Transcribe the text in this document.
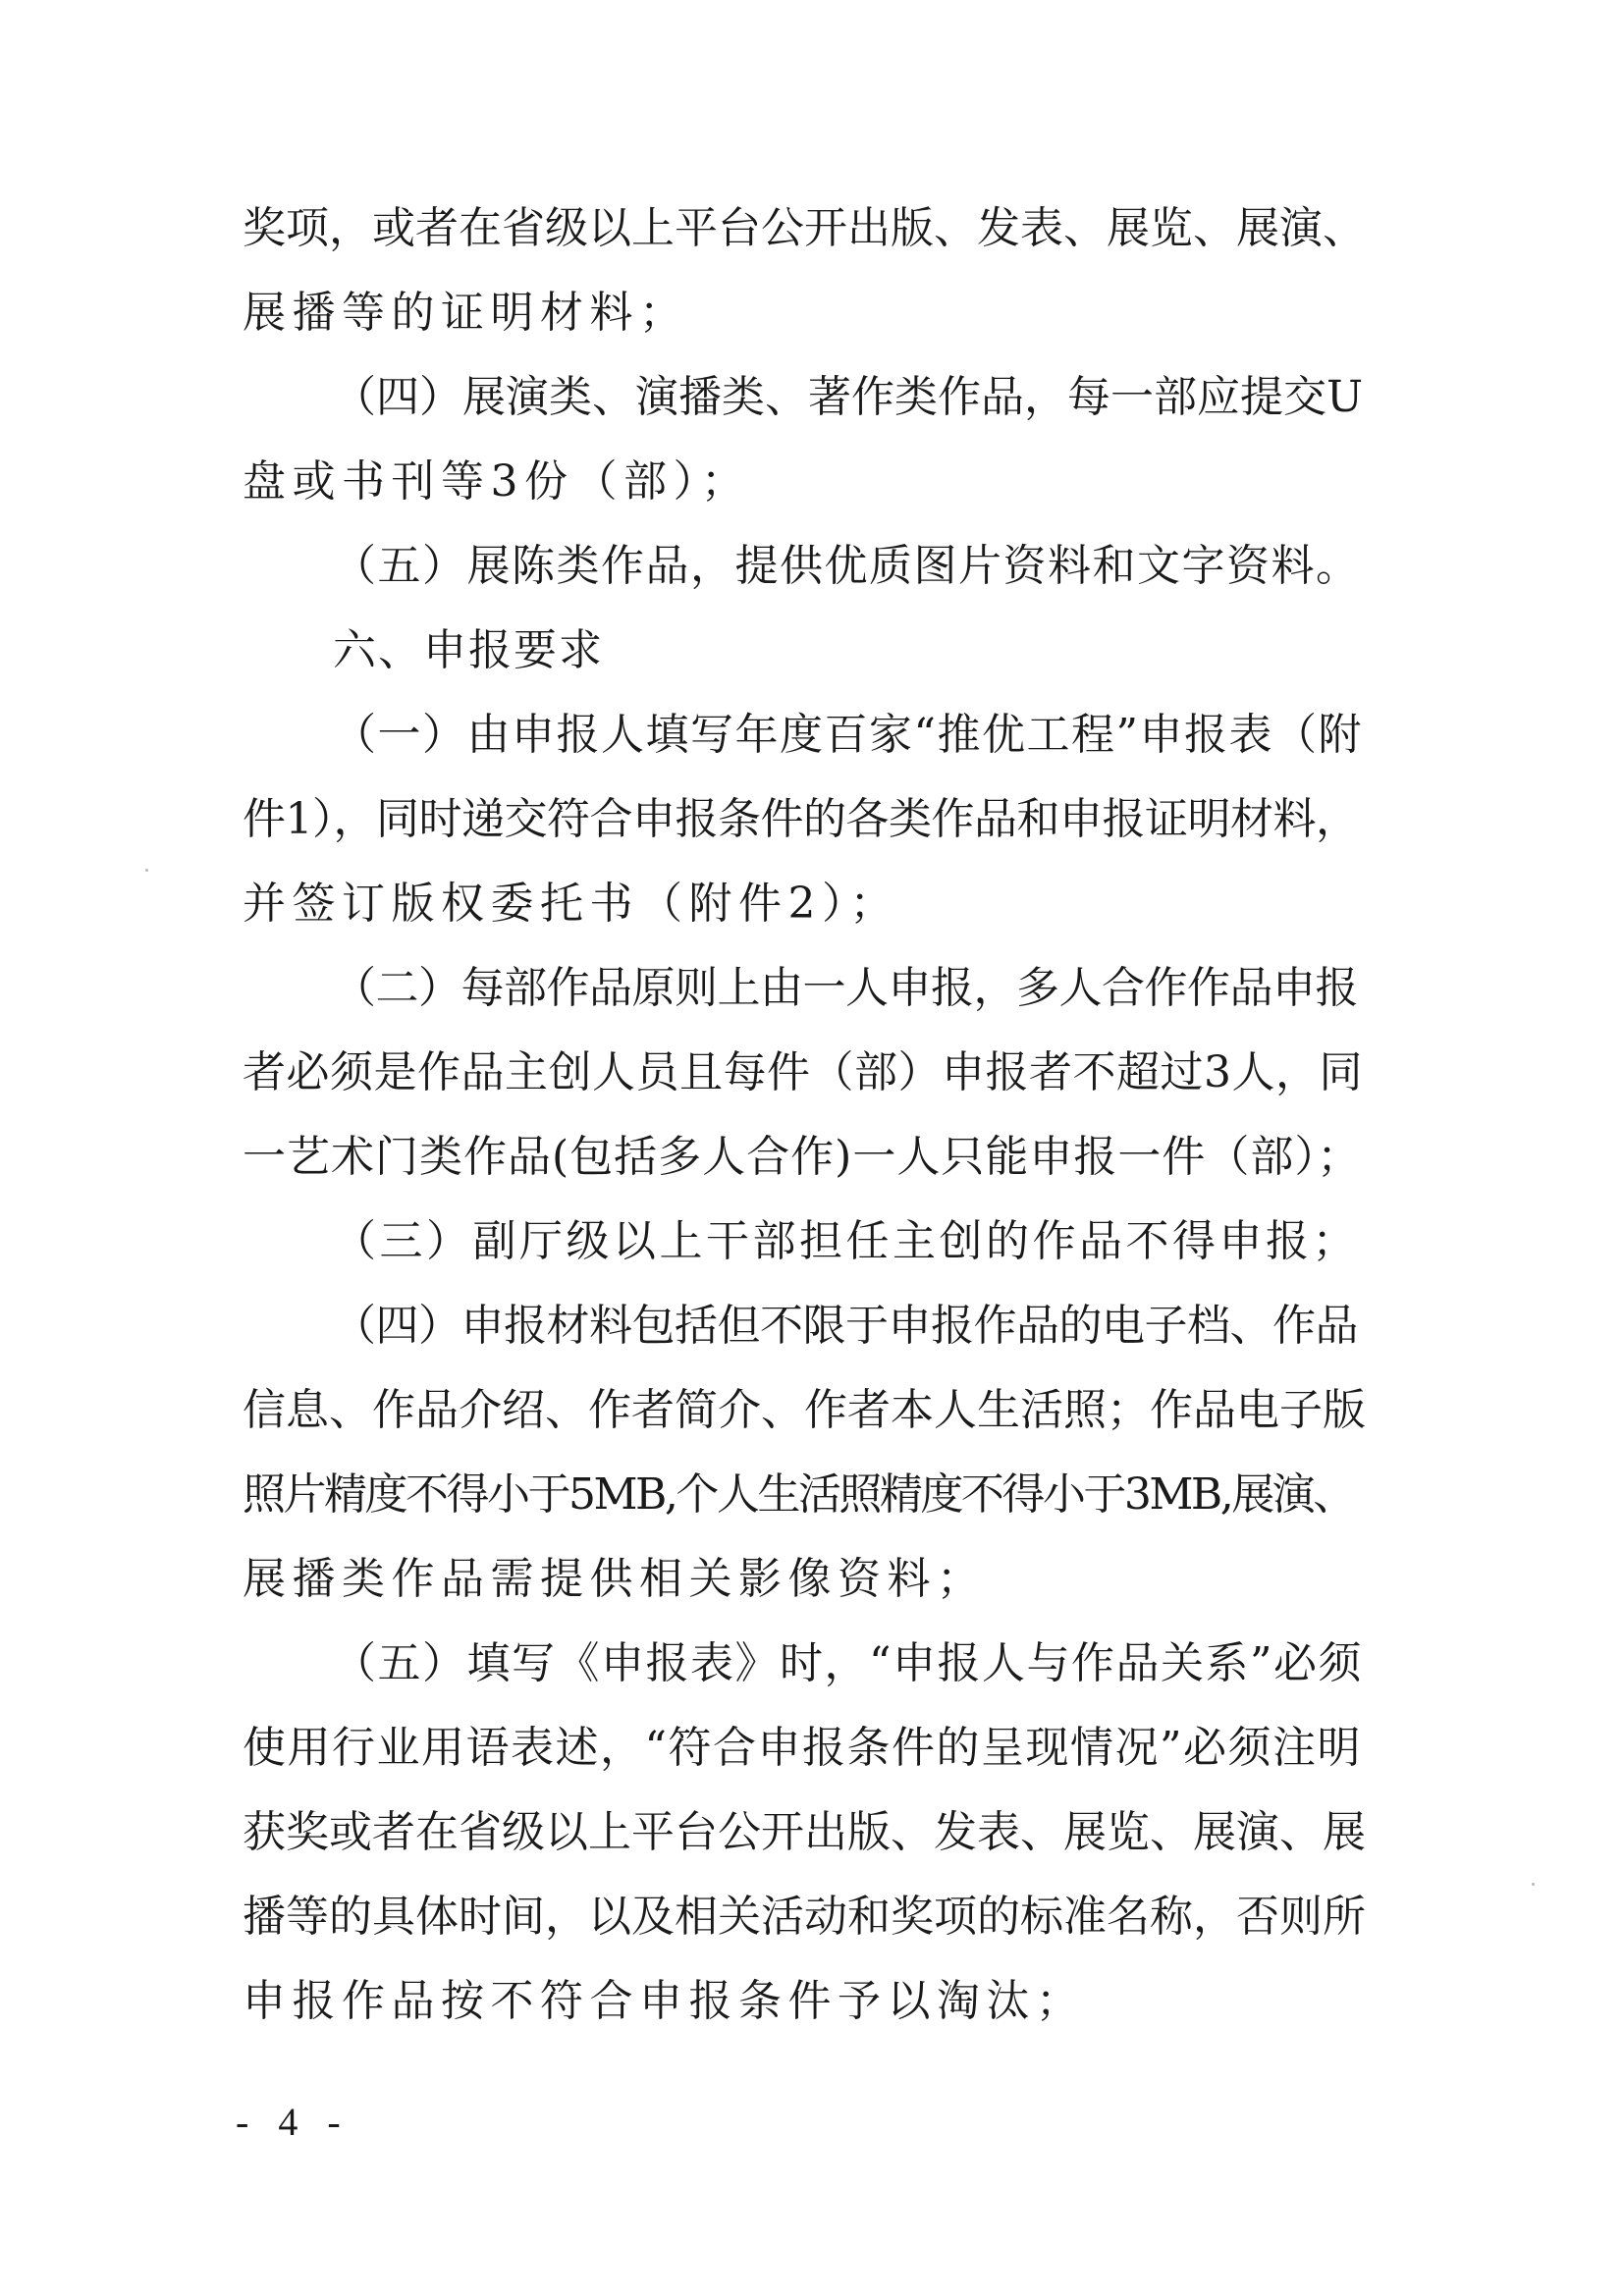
奖项，或者在省级以上平台公开出版、发表、展览、展演、
展播等的证明材料；
（四）展演类、演播类、著作类作品，每一部应提交U
盘或书刊等3份（部）；
（五）展陈类作品，提供优质图片资料和文字资料。
六、申报要求
（一）由申报人填写年度百家“推优工程”申报表（附
件1），同时递交符合申报条件的各类作品和申报证明材料，
并签订版权委托书（附件2）；
（二）每部作品原则上由一人申报，多人合作作品申报
者必须是作品主创人员且每件（部）申报者不超过3人，同
一艺术门类作品(包括多人合作)一人只能申报一件（部）；
（三）副厅级以上干部担任主创的作品不得申报；
（四）申报材料包括但不限于申报作品的电子档、作品
信息、作品介绍、作者简介、作者本人生活照；作品电子版
照片精度不得小于5MB,个人生活照精度不得小于3MB,展演、
展播类作品需提供相关影像资料；
（五）填写《申报表》时，“申报人与作品关系”必须
使用行业用语表述，“符合申报条件的呈现情况”必须注明
获奖或者在省级以上平台公开出版、发表、展览、展演、展
播等的具体时间，以及相关活动和奖项的标准名称，否则所
申报作品按不符合申报条件予以淘汰；
- 4 -
